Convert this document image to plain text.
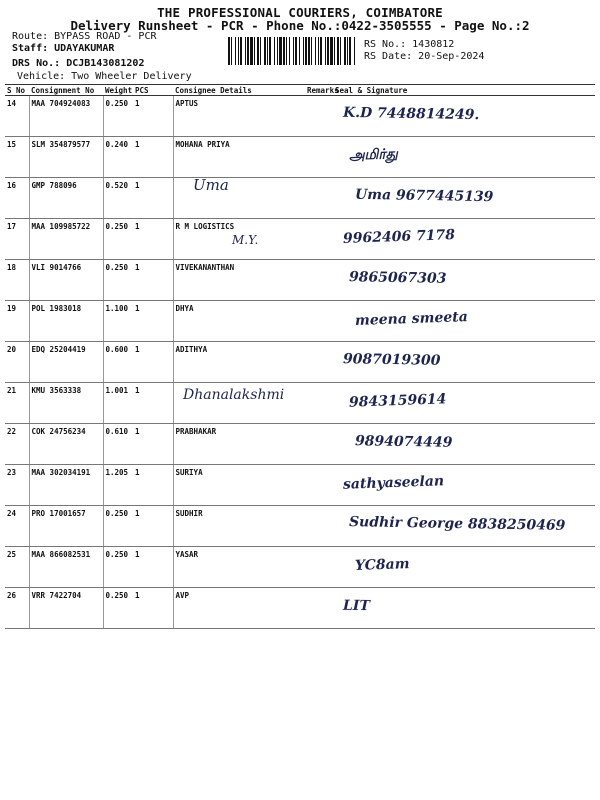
THE PROFESSIONAL COURIERS, COIMBATORE
Delivery Runsheet - PCR - Phone No.:0422-3505555 - Page No.:2
Route: BYPASS ROAD - PCR
Staff: UDAYAKUMAR
DRS No.: DCJB143081202
Vehicle: Two Wheeler Delivery
RS No.: 1430812
RS Date: 20-Sep-2024
S No	Consignment No	Weight	PCS	Consignee Details	Remarks	Seal & Signature
14	MAA 704924083	0.250	1	APTUS		K.D 7448814249.

15	SLM 354879577	0.240	1	MOHANA PRIYA		அமிர்து

16	GMP 788096	0.520	1			Uma 9677445139

17	MAA 109985722	0.250	1	R M LOGISTICS		9962406 7178

18	VLI 9014766	0.250	1	VIVEKANANTHAN		9865067303

19	POL 1983018	1.100	1	DHYA		meena smeeta

20	EDQ 25204419	0.600	1	ADITHYA		9087019300

21	KMU 3563338	1.001	1			9843159614

22	COK 24756234	0.610	1	PRABHAKAR		9894074449

23	MAA 302034191	1.205	1	SURIYA		sathyaseelan

24	PRO 17001657	0.250	1	SUDHIR		Sudhir George 8838250469

25	MAA 866082531	0.250	1	YASAR		YC8am

26	VRR 7422704	0.250	1	AVP		LIT
Uma
M.Y.
Dhanalakshmi
